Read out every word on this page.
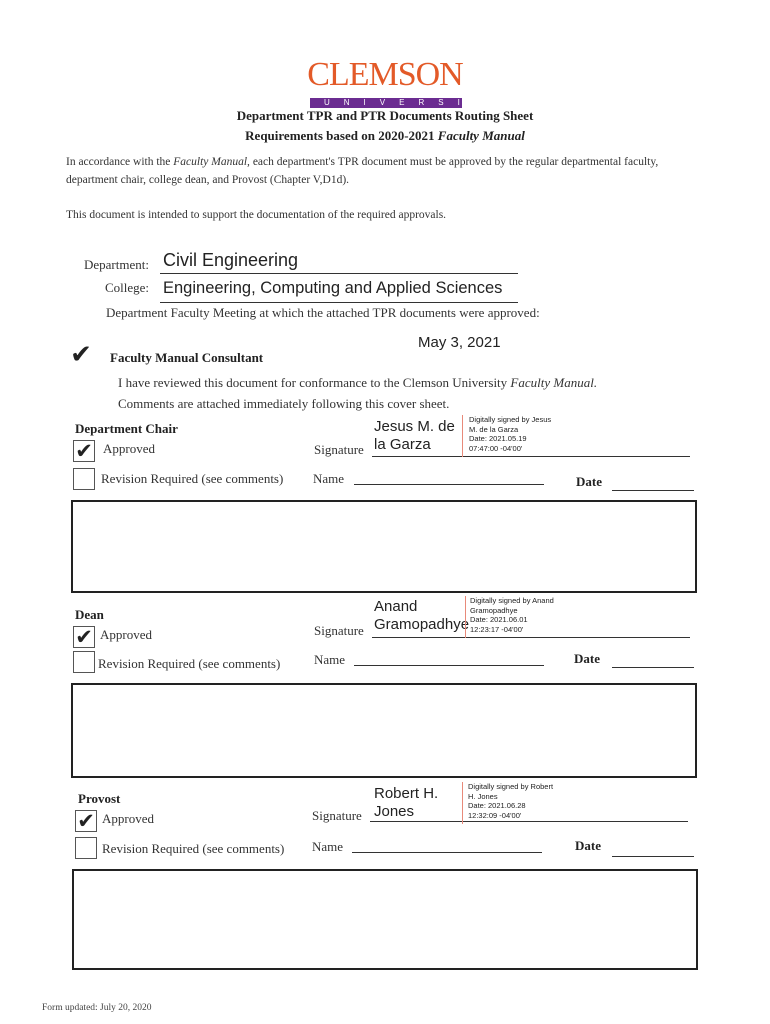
CLEMSON
UNIVERSITY
Department TPR and PTR Documents Routing Sheet
Requirements based on 2020-2021 Faculty Manual
In accordance with the Faculty Manual, each department's TPR document must be approved by the regular departmental faculty,
department chair, college dean, and Provost (Chapter V,D1d).
This document is intended to support the documentation of the required approvals.
Department: Civil Engineering
College: Engineering, Computing and Applied Sciences
Department Faculty Meeting at which the attached TPR documents were approved:
May 3, 2021
✔ Faculty Manual Consultant
I have reviewed this document for conformance to the Clemson University Faculty Manual.
Comments are attached immediately following this cover sheet.
Department Chair
✔ Approved
Revision Required (see comments)
Signature
Jesus M. de
la Garza
Digitally signed by Jesus
M. de la Garza
Date: 2021.05.19
07:47:00 -04'00'
Name	Date
Dean
✔ Approved
Revision Required (see comments)
Signature
Anand
Gramopadhye
Digitally signed by Anand
Gramopadhye
Date: 2021.06.01
12:23:17 -04'00'
Name	Date
Provost
✔ Approved
Revision Required (see comments)
Signature
Robert H.
Jones
Digitally signed by Robert
H. Jones
Date: 2021.06.28
12:32:09 -04'00'
Name	Date
Form updated: July 20, 2020
